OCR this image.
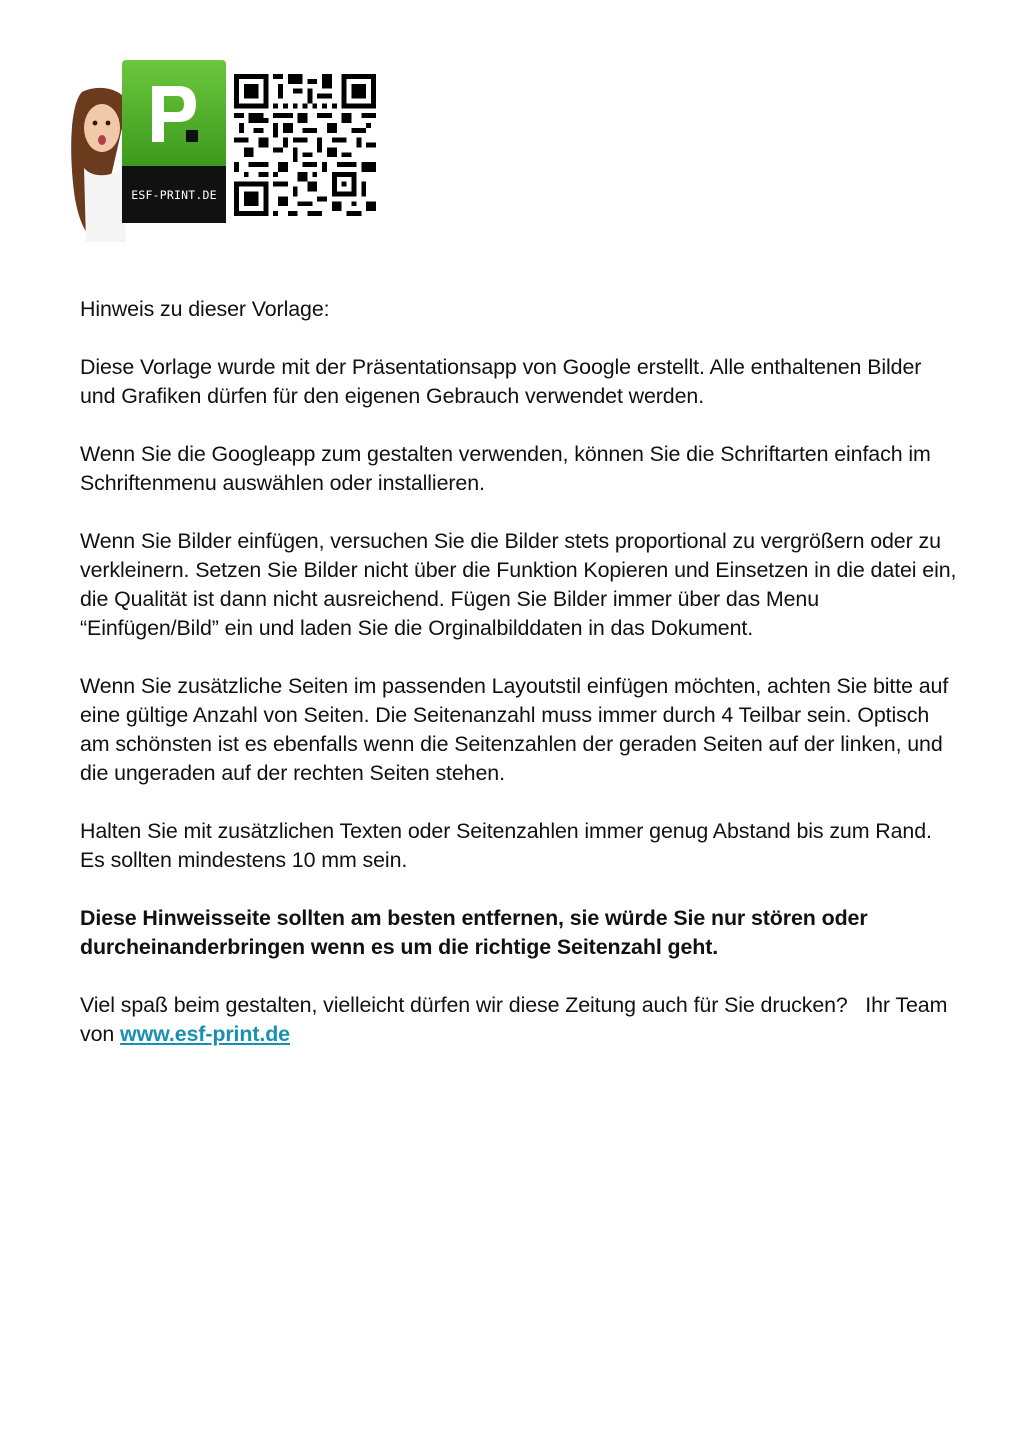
ESF-PRINT.DE

Hinweis zu dieser Vorlage:

Diese Vorlage wurde mit der Präsentationsapp von Google erstellt. Alle enthaltenen Bilder und Grafiken dürfen für den eigenen Gebrauch verwendet werden.

Wenn Sie die Googleapp zum gestalten verwenden, können Sie die Schriftarten einfach im Schriftenmenu auswählen oder installieren.

Wenn Sie Bilder einfügen, versuchen Sie die Bilder stets proportional zu vergrößern oder zu verkleinern. Setzen Sie Bilder nicht über die Funktion Kopieren und Einsetzen in die datei ein, die Qualität ist dann nicht ausreichend. Fügen Sie Bilder immer über das Menu “Einfügen/Bild” ein und laden Sie die Orginalbilddaten in das Dokument.

Wenn Sie zusätzliche Seiten im passenden Layoutstil einfügen möchten, achten Sie bitte auf eine gültige Anzahl von Seiten. Die Seitenanzahl muss immer durch 4 Teilbar sein. Optisch am schönsten ist es ebenfalls wenn die Seitenzahlen der geraden Seiten auf der linken, und die ungeraden auf der rechten Seiten stehen.

Halten Sie mit zusätzlichen Texten oder Seitenzahlen immer genug Abstand bis zum Rand. Es sollten mindestens 10 mm sein.

Diese Hinweisseite sollten am besten entfernen, sie würde Sie nur stören oder durcheinanderbringen wenn es um die richtige Seitenzahl geht.

Viel spaß beim gestalten, vielleicht dürfen wir diese Zeitung auch für Sie drucken?   Ihr Team von www.esf-print.de
